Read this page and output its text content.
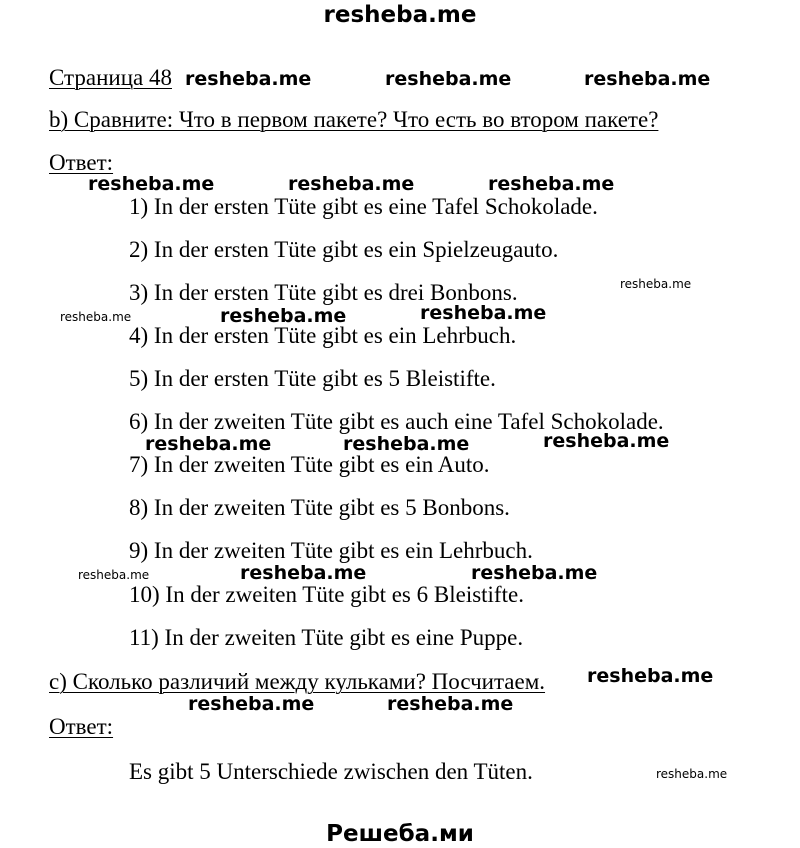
resheba.me
Страница 48
b) Сравните: Что в первом пакете? Что есть во втором пакете?
Ответ:
1) In der ersten Tüte gibt es eine Tafel Schokolade.
2) In der ersten Tüte gibt es ein Spielzeugauto.
3) In der ersten Tüte gibt es drei Bonbons.
4) In der ersten Tüte gibt es ein Lehrbuch.
5) In der ersten Tüte gibt es 5 Bleistifte.
6) In der zweiten Tüte gibt es auch eine Tafel Schokolade.
7) In der zweiten Tüte gibt es ein Auto.
8) In der zweiten Tüte gibt es 5 Bonbons.
9) In der zweiten Tüte gibt es ein Lehrbuch.
10) In der zweiten Tüte gibt es 6 Bleistifte.
11) In der zweiten Tüte gibt es eine Puppe.
c) Сколько различий между кульками? Посчитаем.
Ответ:
Es gibt 5 Unterschiede zwischen den Tüten.
resheba.me	resheba.me	resheba.me
resheba.me	resheba.me	resheba.me
resheba.me	resheba.me
resheba.me	resheba.me	resheba.me
resheba.me	resheba.me
resheba.me
resheba.me	resheba.me
resheba.me
resheba.me
resheba.me
resheba.me
Решеба.ми
